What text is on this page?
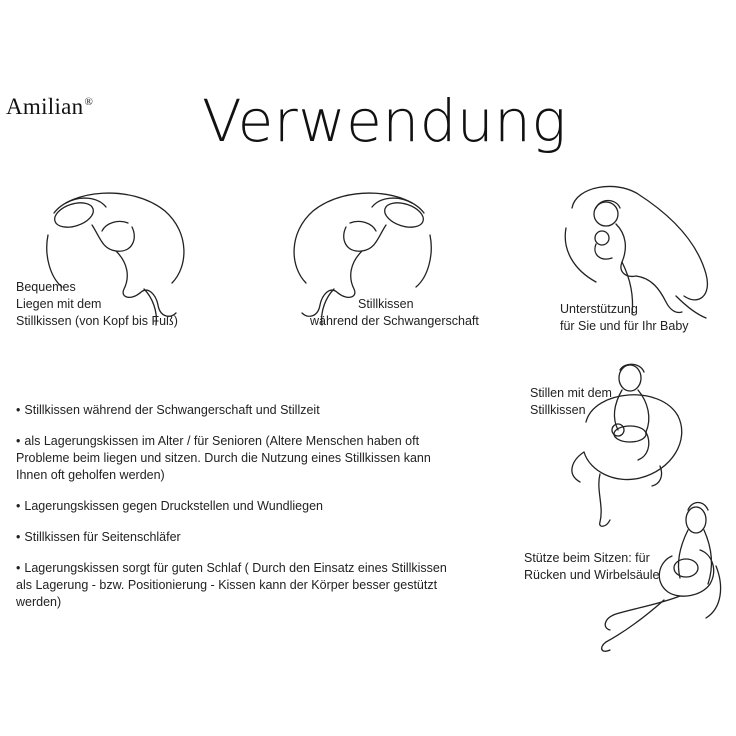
Amilian® Verwendung
Bequemes
Liegen mit dem
Stillkissen (von Kopf bis Fuß)
Stillkissen
während der Schwangerschaft
Unterstützung
für Sie und für Ihr Baby
Stillen mit dem
Stillkissen
Stütze beim Sitzen: für
Rücken und Wirbelsäule
• Stillkissen während der Schwangerschaft und Stillzeit
• als Lagerungskissen im Alter / für Senioren (Altere Menschen haben oft Probleme beim liegen und sitzen. Durch die Nutzung eines Stillkissen kann Ihnen oft geholfen werden)
• Lagerungskissen gegen Druckstellen und Wundliegen
• Stillkissen für Seitenschläfer
• Lagerungskissen sorgt für guten Schlaf ( Durch den Einsatz eines Stillkissen als Lagerung - bzw. Positionierung - Kissen kann der Körper besser gestützt werden)
